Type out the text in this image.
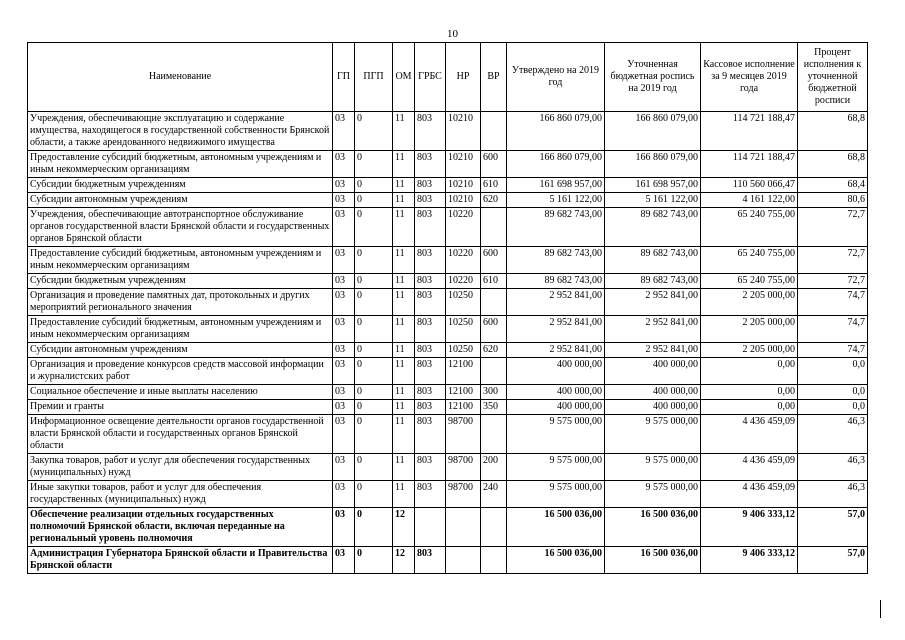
10
Наименование	ГП	ПГП	ОМ	ГРБС	НР	ВР	Утверждено на 2019 год	Уточненная бюджетная роспись на 2019 год	Кассовое исполнение за 9 месяцев 2019 года	Процент исполнения к уточненной бюджетной росписи
Учреждения, обеспечивающие эксплуатацию и содержание имущества, находящегося в государственной собственности Брянской области, а также арендованного недвижимого имущества	03	0	11	803	10210		166 860 079,00	166 860 079,00	114 721 188,47	68,8
Предоставление субсидий бюджетным, автономным учреждениям и иным некоммерческим организациям	03	0	11	803	10210	600	166 860 079,00	166 860 079,00	114 721 188,47	68,8
Субсидии бюджетным учреждениям	03	0	11	803	10210	610	161 698 957,00	161 698 957,00	110 560 066,47	68,4
Субсидии автономным учреждениям	03	0	11	803	10210	620	5 161 122,00	5 161 122,00	4 161 122,00	80,6
Учреждения, обеспечивающие автотранспортное обслуживание органов государственной власти Брянской области и государственных органов Брянской области	03	0	11	803	10220		89 682 743,00	89 682 743,00	65 240 755,00	72,7
Предоставление субсидий бюджетным, автономным учреждениям и иным некоммерческим организациям	03	0	11	803	10220	600	89 682 743,00	89 682 743,00	65 240 755,00	72,7
Субсидии бюджетным учреждениям	03	0	11	803	10220	610	89 682 743,00	89 682 743,00	65 240 755,00	72,7
Организация и проведение памятных дат, протокольных и других мероприятий регионального значения	03	0	11	803	10250		2 952 841,00	2 952 841,00	2 205 000,00	74,7
Предоставление субсидий бюджетным, автономным учреждениям и иным некоммерческим организациям	03	0	11	803	10250	600	2 952 841,00	2 952 841,00	2 205 000,00	74,7
Субсидии автономным учреждениям	03	0	11	803	10250	620	2 952 841,00	2 952 841,00	2 205 000,00	74,7
Организация и проведение конкурсов средств массовой информации и журналистских работ	03	0	11	803	12100		400 000,00	400 000,00	0,00	0,0
Социальное обеспечение и иные выплаты населению	03	0	11	803	12100	300	400 000,00	400 000,00	0,00	0,0
Премии и гранты	03	0	11	803	12100	350	400 000,00	400 000,00	0,00	0,0
Информационное освещение деятельности органов государственной власти Брянской области и государственных органов Брянской области	03	0	11	803	98700		9 575 000,00	9 575 000,00	4 436 459,09	46,3
Закупка товаров, работ и услуг для обеспечения государственных (муниципальных) нужд	03	0	11	803	98700	200	9 575 000,00	9 575 000,00	4 436 459,09	46,3
Иные закупки товаров, работ и услуг для обеспечения государственных (муниципальных) нужд	03	0	11	803	98700	240	9 575 000,00	9 575 000,00	4 436 459,09	46,3
Обеспечение реализации отдельных государственных полномочий Брянской области, включая переданные на региональный уровень полномочия	03	0	12				16 500 036,00	16 500 036,00	9 406 333,12	57,0
Администрация Губернатора Брянской области и Правительства Брянской области	03	0	12	803			16 500 036,00	16 500 036,00	9 406 333,12	57,0
